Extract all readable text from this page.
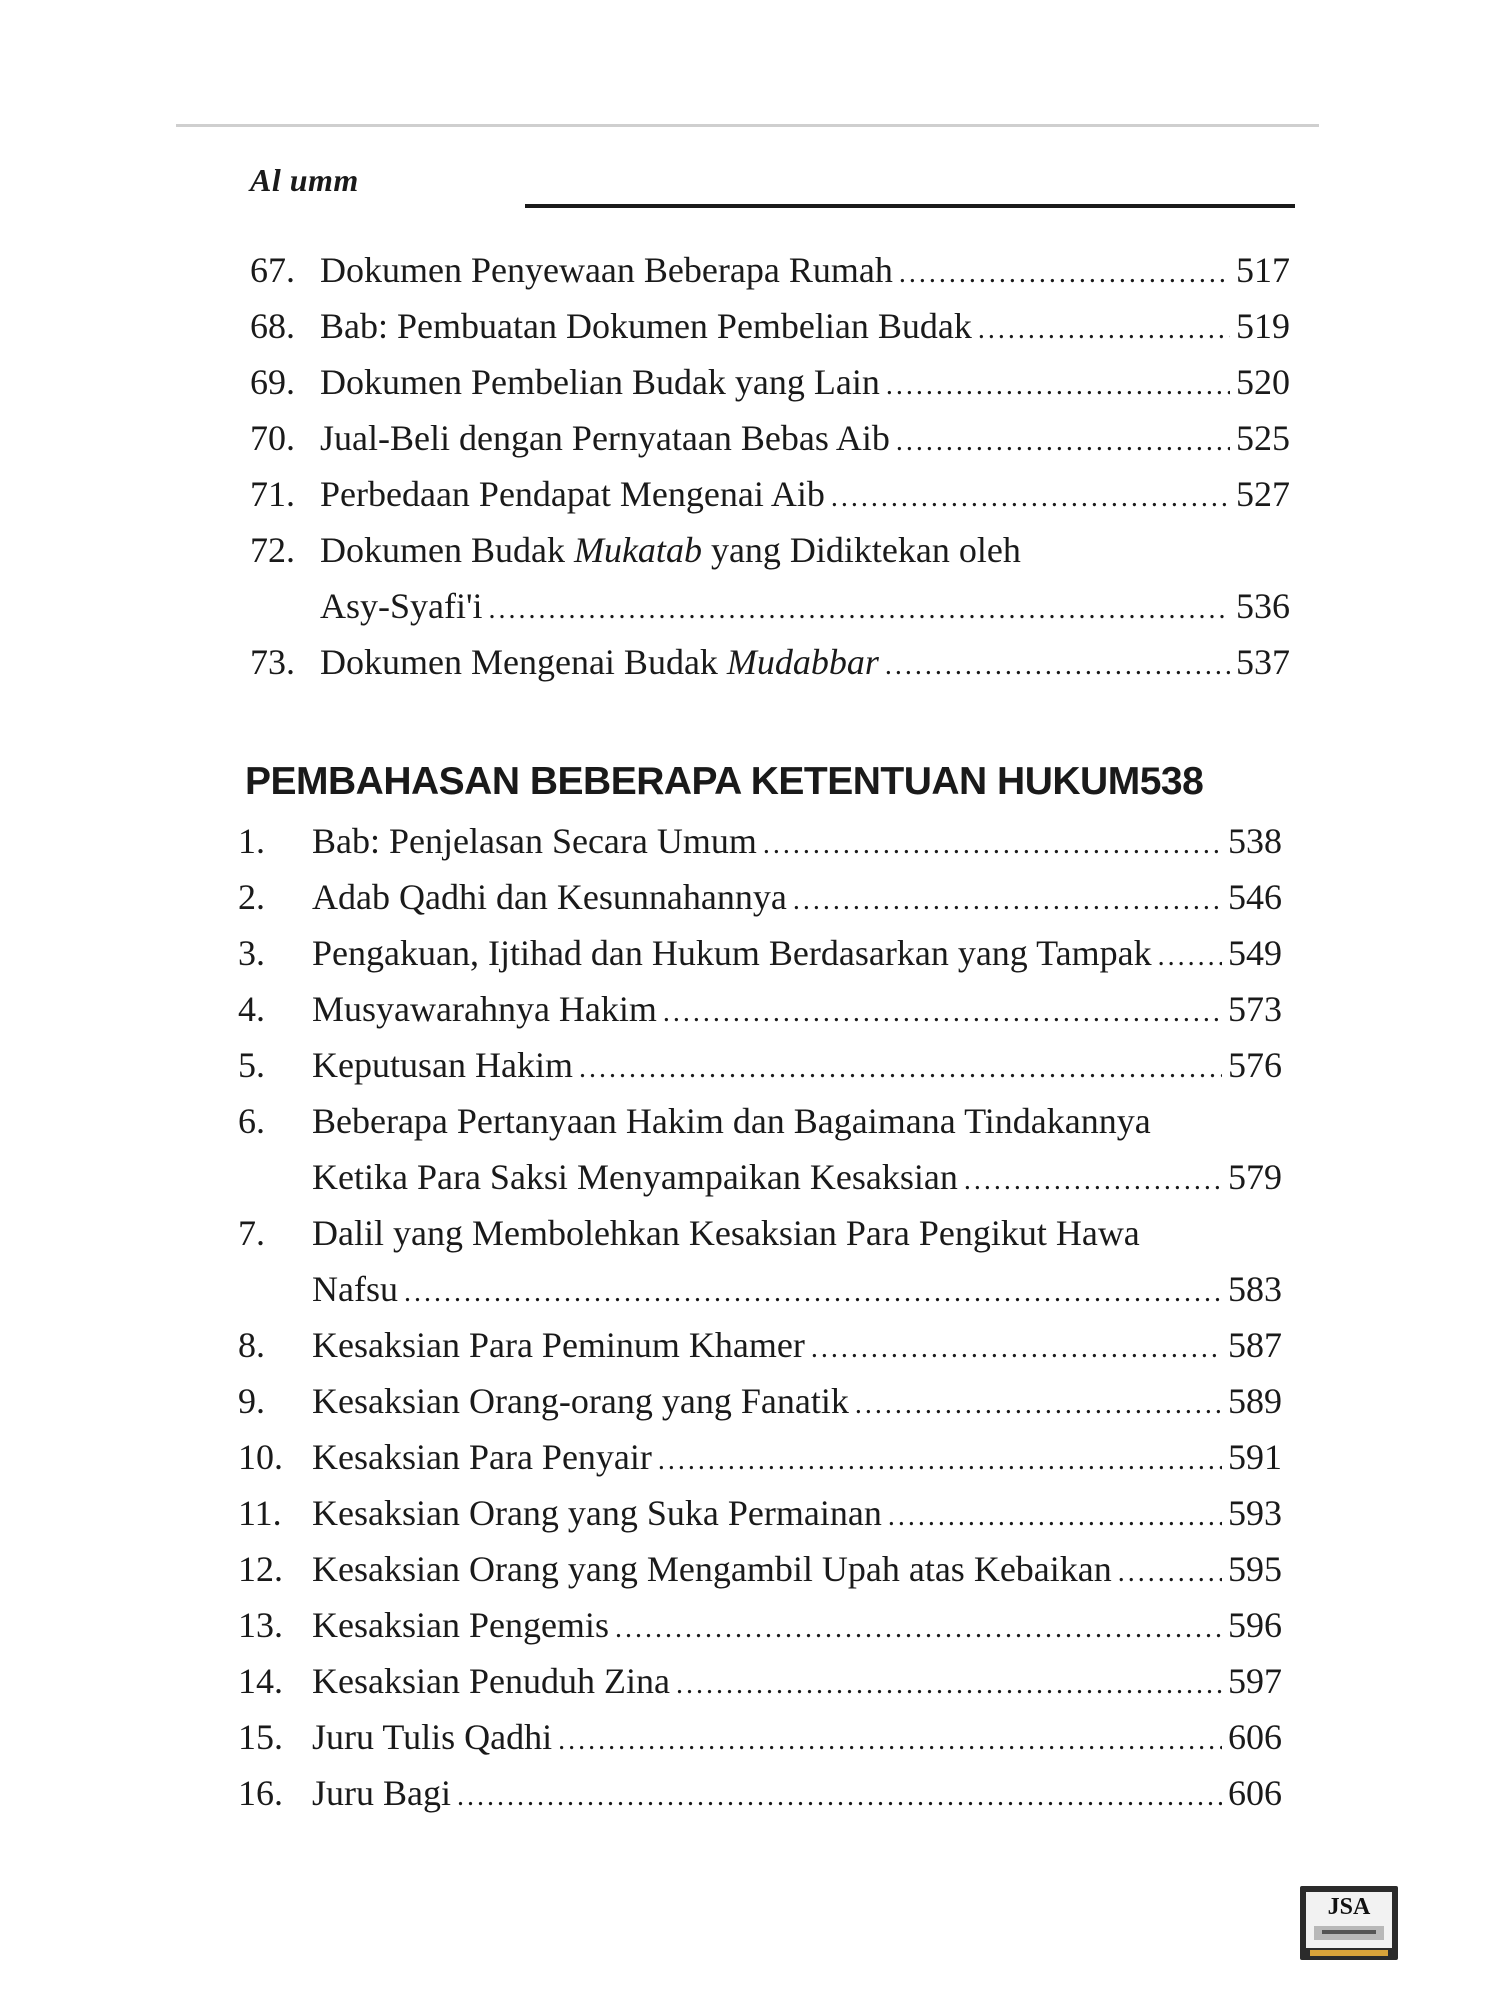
Al umm
67. Dokumen Penyewaan Beberapa Rumah .....	517
68. Bab: Pembuatan Dokumen Pembelian Budak .....	519
69. Dokumen Pembelian Budak yang Lain .....	520
70. Jual-Beli dengan Pernyataan Bebas Aib .....	525
71. Perbedaan Pendapat Mengenai Aib .....	527
72. Dokumen Budak Mukatab yang Didiktekan oleh
Asy-Syafi'i .....	536
73. Dokumen Mengenai Budak Mudabbar .....	537
1. Bab: Penjelasan Secara Umum .....	538
2. Adab Qadhi dan Kesunnahannya .....	546
3. Pengakuan, Ijtihad dan Hukum Berdasarkan yang Tampak ..... 549
4. Musyawarahnya Hakim .....	573
5. Keputusan Hakim .....	576
6. Beberapa Pertanyaan Hakim dan Bagaimana Tindakannya
Ketika Para Saksi Menyampaikan Kesaksian .....	579
7. Dalil yang Membolehkan Kesaksian Para Pengikut Hawa
Nafsu .....	583
8. Kesaksian Para Peminum Khamer .....	587
9. Kesaksian Orang-orang yang Fanatik .....	589
10. Kesaksian Para Penyair .....	591
11. Kesaksian Orang yang Suka Permainan .....	593
12. Kesaksian Orang yang Mengambil Upah atas Kebaikan .....	595
13. Kesaksian Pengemis .....	596
14. Kesaksian Penuduh Zina .....	597
15. Juru Tulis Qadhi .....	606
16. Juru Bagi .....	606
PEMBAHASAN BEBERAPA KETENTUAN HUKUM538
JSA
